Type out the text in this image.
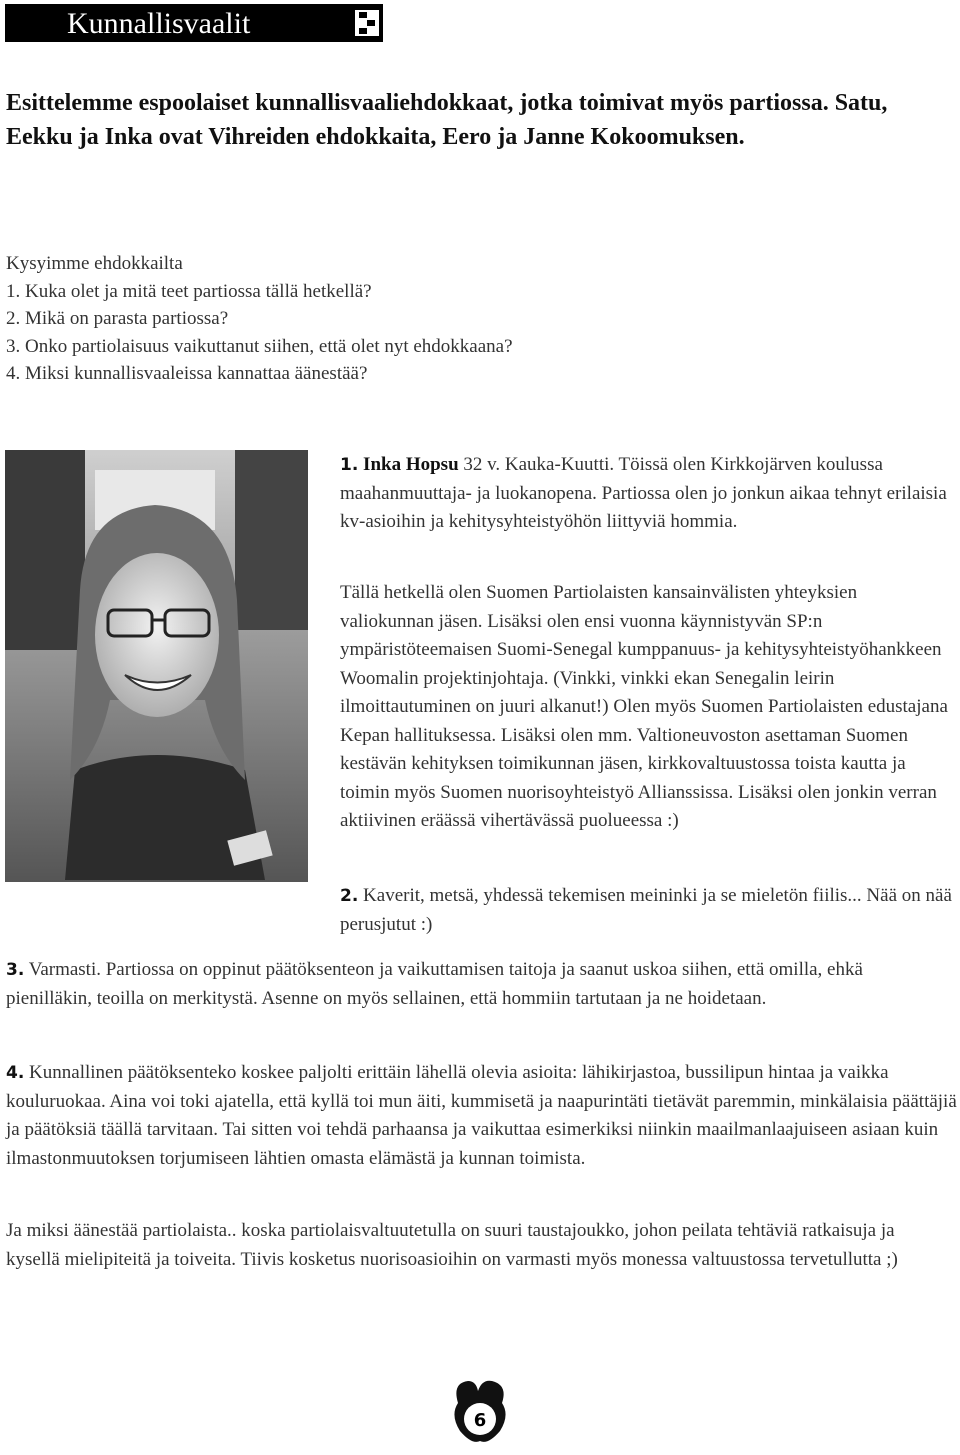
Kunnallisvaalit

Esittelemme espoolaiset kunnallisvaaliehdokkaat, jotka toimivat myös partiossa. Satu, Eekku ja Inka ovat Vihreiden ehdokkaita, Eero ja Janne Kokoomuksen.

Kysyimme ehdokkailta
1. Kuka olet ja mitä teet partiossa tällä hetkellä?
2. Mikä on parasta partiossa?
3. Onko partiolaisuus vaikuttanut siihen, että olet nyt ehdokkaana?
4. Miksi kunnallisvaaleissa kannattaa äänestää?

1. Inka Hopsu 32 v. Kauka-Kuutti. Töissä olen Kirkkojärven koulussa maahanmuuttaja- ja luokanopena. Partiossa olen jo jonkun aikaa tehnyt erilaisia kv-asioihin ja kehitysyhteistyöhön liittyviä hommia.

Tällä hetkellä olen Suomen Partiolaisten kansainvälisten yhteyksien valiokunnan jäsen. Lisäksi olen ensi vuonna käynnistyvän SP:n ympäristöteemaisen Suomi-Senegal kumppanuus- ja kehitysyhteistyöhankkeen Woomalin projektinjohtaja. (Vinkki, vinkki ekan Senegalin leirin ilmoittautuminen on juuri alkanut!) Olen myös Suomen Partiolaisten edustajana Kepan hallituksessa. Lisäksi olen mm. Valtioneuvoston asettaman Suomen kestävän kehityksen toimikunnan jäsen, kirkkovaltuustossa toista kautta ja toimin myös Suomen nuorisoyhteistyö Allianssissa. Lisäksi olen jonkin verran aktiivinen eräässä vihertävässä puolueessa :)

2. Kaverit, metsä, yhdessä tekemisen meininki ja se mieletön fiilis... Nää on nää perusjutut :)

3. Varmasti. Partiossa on oppinut päätöksenteon ja vaikuttamisen taitoja ja saanut uskoa siihen, että omilla, ehkä pienilläkin, teoilla on merkitystä. Asenne on myös sellainen, että hommiin tartutaan ja ne hoidetaan.

4. Kunnallinen päätöksenteko koskee paljolti erittäin lähellä olevia asioita: lähikirjastoa, bussilipun hintaa ja vaikka kouluruokaa. Aina voi toki ajatella, että kyllä toi mun äiti, kummisetä ja naapurintäti tietävät paremmin, minkälaisia päättäjiä ja päätöksiä täällä tarvitaan. Tai sitten voi tehdä parhaansa ja vaikuttaa esimerkiksi niinkin maailmanlaajuiseen asiaan kuin ilmastonmuutoksen torjumiseen lähtien omasta elämästä ja kunnan toimista.

Ja miksi äänestää partiolaista.. koska partiolaisvaltuutetulla on suuri taustajoukko, johon peilata tehtäviä ratkaisuja ja kysellä mielipiteitä ja toiveita. Tiivis kosketus nuorisoasioihin on varmasti myös monessa valtuustossa tervetullutta ;)

6
